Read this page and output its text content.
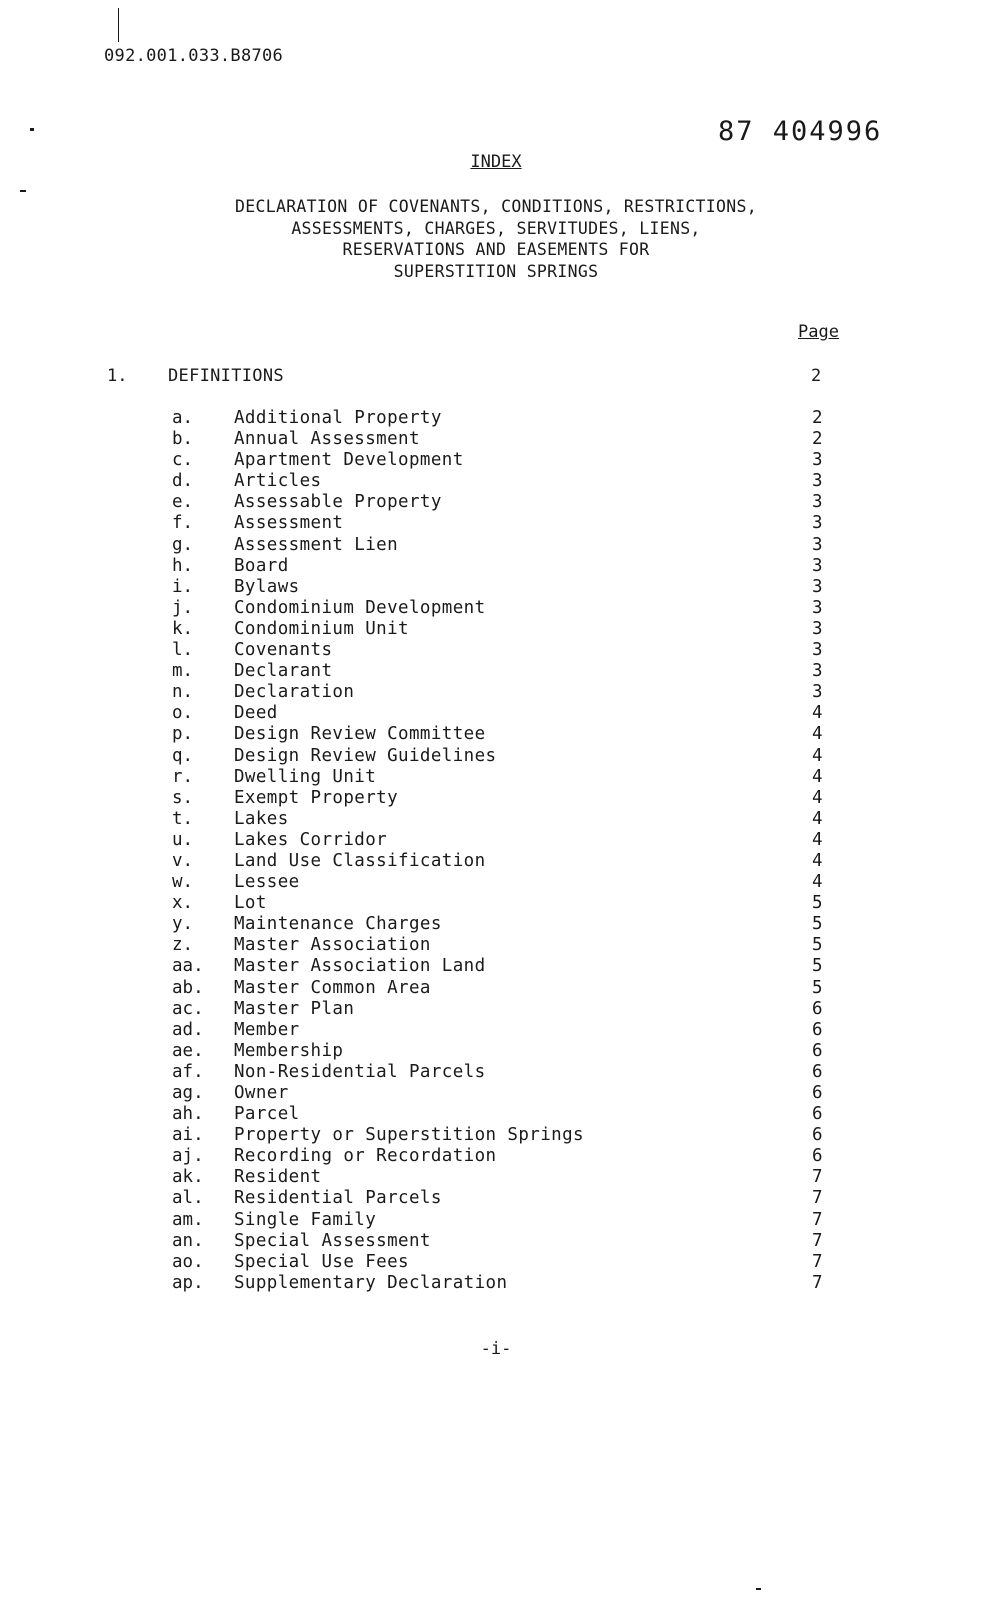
092.001.033.B8706
87 404996
INDEX
DECLARATION OF COVENANTS, CONDITIONS, RESTRICTIONS,
ASSESSMENTS, CHARGES, SERVITUDES, LIENS,
RESERVATIONS AND EASEMENTS FOR
SUPERSTITION SPRINGS
Page
1. DEFINITIONS	2
a. Additional Property	2
b. Annual Assessment	2
c. Apartment Development	3
d. Articles	3
e. Assessable Property	3
f. Assessment	3
g. Assessment Lien	3
h. Board	3
i. Bylaws	3
j. Condominium Development	3
k. Condominium Unit	3
l. Covenants	3
m. Declarant	3
n. Declaration	3
o. Deed	4
p. Design Review Committee	4
q. Design Review Guidelines	4
r. Dwelling Unit	4
s. Exempt Property	4
t. Lakes	4
u. Lakes Corridor	4
v. Land Use Classification	4
w. Lessee	4
x. Lot	5
y. Maintenance Charges	5
z. Master Association	5
aa. Master Association Land	5
ab. Master Common Area	5
ac. Master Plan	6
ad. Member	6
ae. Membership	6
af. Non-Residential Parcels	6
ag. Owner	6
ah. Parcel	6
ai. Property or Superstition Springs	6
aj. Recording or Recordation	6
ak. Resident	7
al. Residential Parcels	7
am. Single Family	7
an. Special Assessment	7
ao. Special Use Fees	7
ap. Supplementary Declaration	7
-i-
